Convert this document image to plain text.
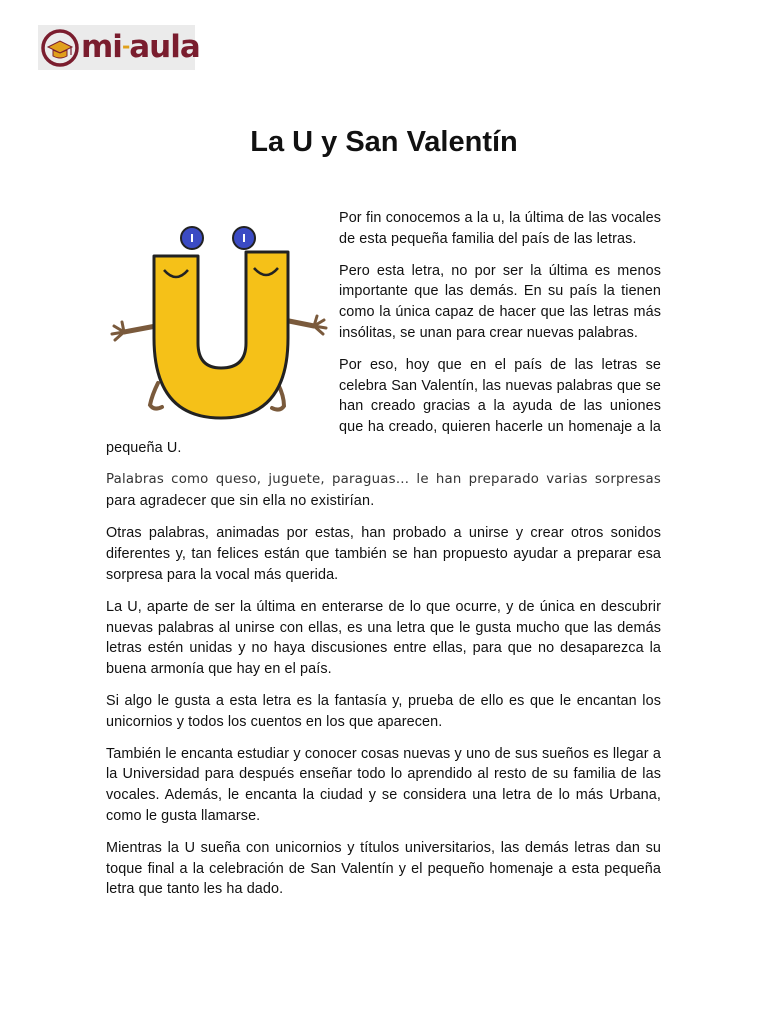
mi-aula
La U y San Valentín

Por fin conocemos a la u, la última de las vocales de esta pequeña familia del país de las letras.

Pero esta letra, no por ser la última es menos importante que las demás. En su país la tienen como la única capaz de hacer que las letras más insólitas, se unan para crear nuevas palabras.

Por eso, hoy que en el país de las letras se celebra San Valentín, las nuevas palabras que se han creado gracias a la ayuda de las uniones que ha creado, quieren hacerle un homenaje a la pequeña U.

Palabras como queso, juguete, paraguas… le han preparado varias sorpresas para agradecer que sin ella no existirían.

Otras palabras, animadas por estas, han probado a unirse y crear otros sonidos diferentes y, tan felices están que también se han propuesto ayudar a preparar esa sorpresa para la vocal más querida.

La U, aparte de ser la última en enterarse de lo que ocurre, y de única en descubrir nuevas palabras al unirse con ellas, es una letra que le gusta mucho que las demás letras estén unidas y no haya discusiones entre ellas, para que no desaparezca la buena armonía que hay en el país.

Si algo le gusta a esta letra es la fantasía y, prueba de ello es que le encantan los unicornios y todos los cuentos en los que aparecen.

También le encanta estudiar y conocer cosas nuevas y uno de sus sueños es llegar a la Universidad para después enseñar todo lo aprendido al resto de su familia de las vocales. Además, le encanta la ciudad y se considera una letra de lo más Urbana, como le gusta llamarse.

Mientras la U sueña con unicornios y títulos universitarios, las demás letras dan su toque final a la celebración de San Valentín y el pequeño homenaje a esta pequeña letra que tanto les ha dado.
